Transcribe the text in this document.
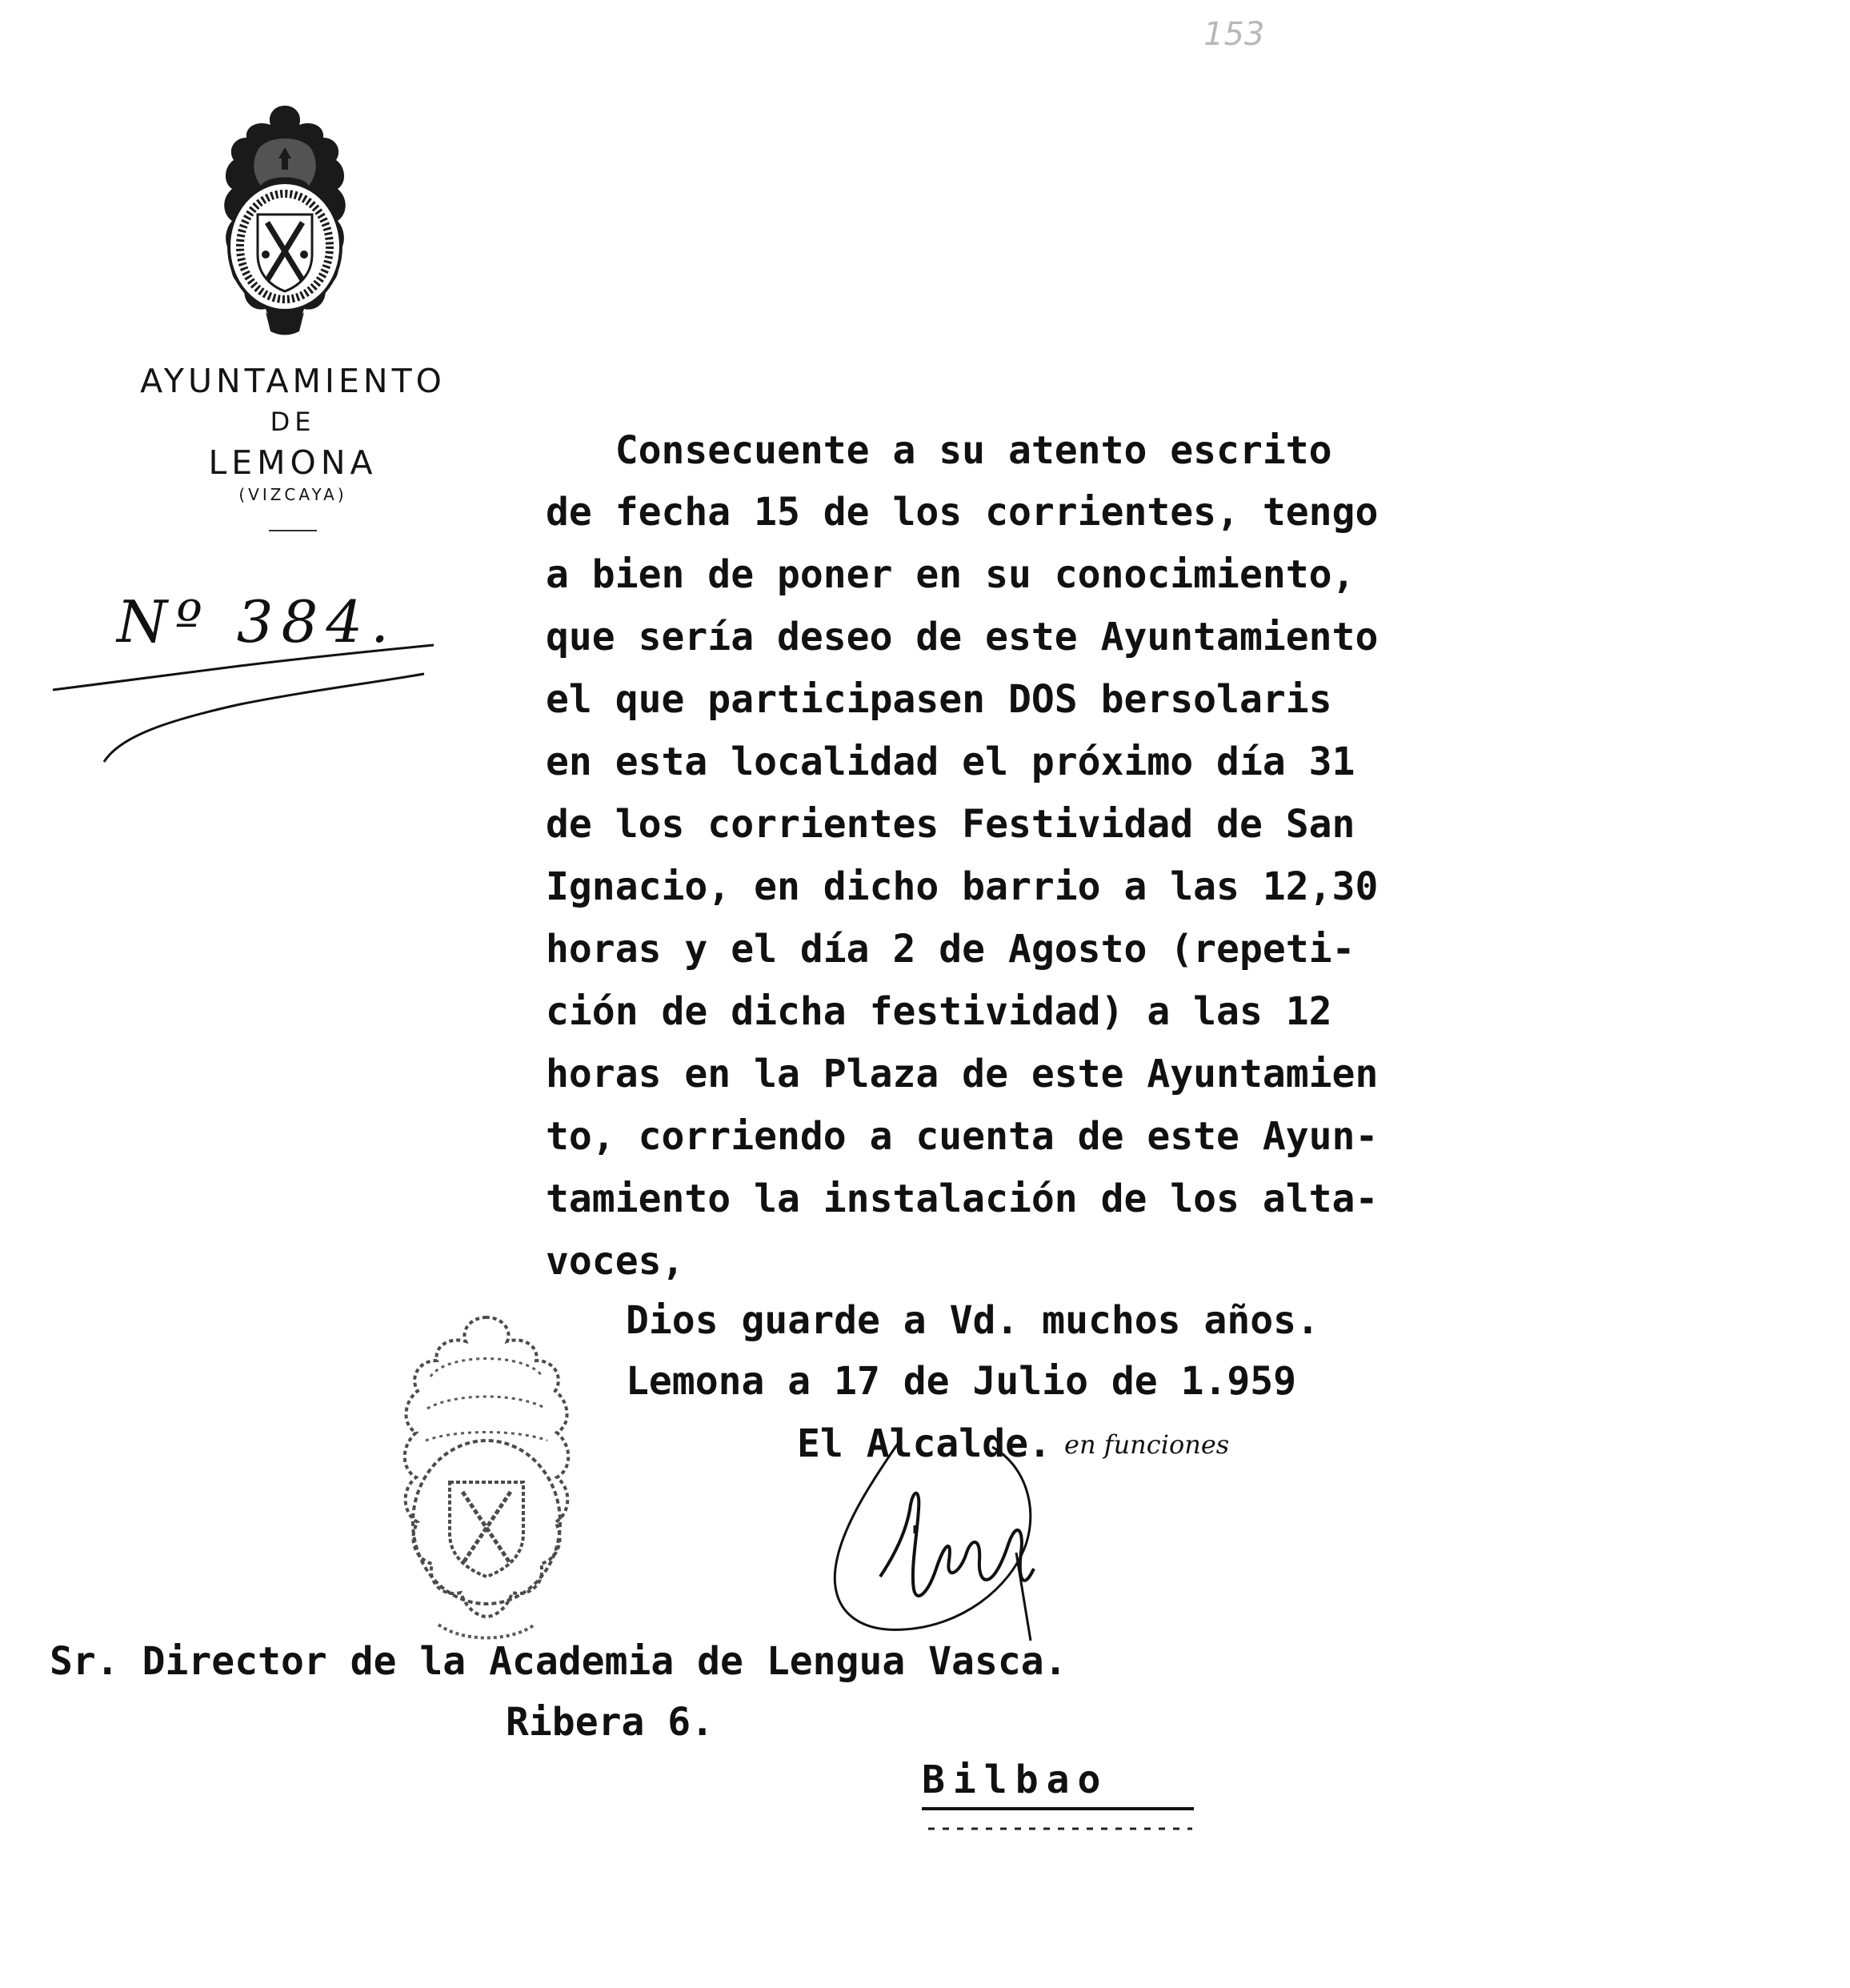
153
AYUNTAMIENTO
DE
LEMONA
(VIZCAYA)
Nº 384.
Consecuente a su atento escrito
de fecha 15 de los corrientes, tengo
a bien de poner en su conocimiento,
que sería deseo de este Ayuntamiento
el que participasen DOS bersolaris
en esta localidad el próximo día 31
de los corrientes Festividad de San
Ignacio, en dicho barrio a las 12,30
horas y el día 2 de Agosto (repeti-
ción de dicha festividad) a las 12
horas en la Plaza de este Ayuntamien
to, corriendo a cuenta de este Ayun-
tamiento la instalación de los alta-
voces,
Dios guarde a Vd. muchos años.
Lemona a 17 de Julio de 1.959
El Alcalde. en funciones
Sr. Director de la Academia de Lengua Vasca.
Ribera 6.
Bilbao
